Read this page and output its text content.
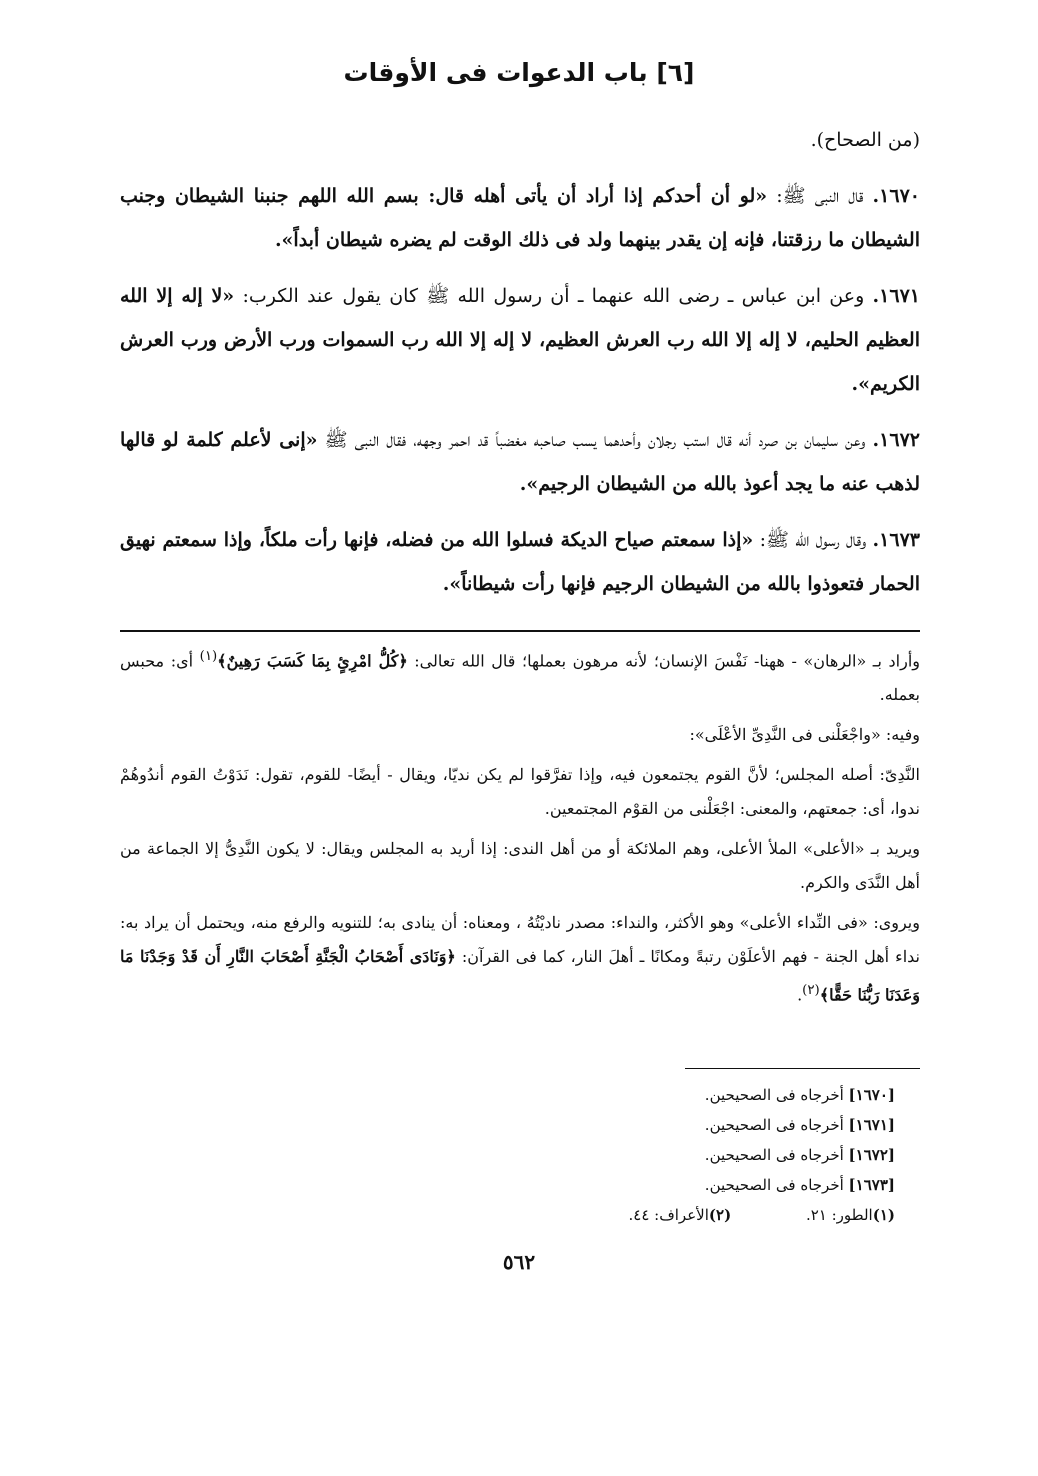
[٦] باب الدعوات فى الأوقات

(من الصحاح).

١٦٧٠. قال النبى ﷺ: «لو أن أحدكم إذا أراد أن يأتى أهله قال: بسم الله اللهم جنبنا الشيطان وجنب الشيطان ما رزقتنا، فإنه إن يقدر بينهما ولد فى ذلك الوقت لم يضره شيطان أبداً».

١٦٧١. وعن ابن عباس ـ رضى الله عنهما ـ أن رسول الله ﷺ كان يقول عند الكرب: «لا إله إلا الله العظيم الحليم، لا إله إلا الله رب العرش العظيم، لا إله إلا الله رب السموات ورب الأرض ورب العرش الكريم».

١٦٧٢. وعن سليمان بن صرد أنه قال استب رجلان وأحدهما يسب صاحبه مغضباً قد احمر وجهه، فقال النبى ﷺ «إنى لأعلم كلمة لو قالها لذهب عنه ما يجد أعوذ بالله من الشيطان الرجيم».

١٦٧٣. وقال رسول الله ﷺ: «إذا سمعتم صياح الديكة فسلوا الله من فضله، فإنها رأت ملكاً، وإذا سمعتم نهيق الحمار فتعوذوا بالله من الشيطان الرجيم فإنها رأت شيطاناً».

وأراد بـ «الرهان» - ههنا- نَفْسَ الإنسان؛ لأنه مرهون بعملها؛ قال الله تعالى: ﴿كُلُّ امْرِئٍ بِمَا كَسَبَ رَهِينٌ﴾$^{(١)}$ أى: محبس بعمله.

وفيه: «واجْعَلْنى فى النَّدِىِّ الأعْلَى»:

النَّدِىّ: أصله المجلس؛ لأنَّ القوم يجتمعون فيه، وإذا تفرَّقوا لم يكن نديّا، ويقال - أيضًا- للقوم، تقول: نَدَوْتُ القوم أندُوهُمْ ندوا، أى: جمعتهم، والمعنى: اجْعَلْنى من القوْم المجتمعين.

ويريد بـ «الأعلى» الملأ الأعلى، وهم الملائكة أو من أهل الندى: إذا أريد به المجلس ويقال: لا يكون النَّدِىُّ إلا الجماعة من أهل النَّدَى والكرم.

ويروى: «فى النِّداء الأعلى» وهو الأكثر، والنداء: مصدر ناديْتُهُ ، ومعناه: أن ينادى به؛ للتنويه والرفع منه، ويحتمل أن يراد به: نداء أهل الجنة - فهم الأعلَوْن رتبةً ومكانًا ـ أهلَ النار، كما فى القرآن: ﴿وَنَادَى أَصْحَابُ الْجَنَّةِ أَصْحَابَ النَّارِ أَن قَدْ وَجَدْنَا مَا وَعَدَنَا رَبُّنَا حَقًّا﴾$^{(٢)}$.

[١٦٧٠] أخرجاه فى الصحيحين.
[١٦٧١] أخرجاه فى الصحيحين.
[١٦٧٢] أخرجاه فى الصحيحين.
[١٦٧٣] أخرجاه فى الصحيحين.
(١)الطور: ٢١. (٢)الأعراف: ٤٤.
٥٦٢
